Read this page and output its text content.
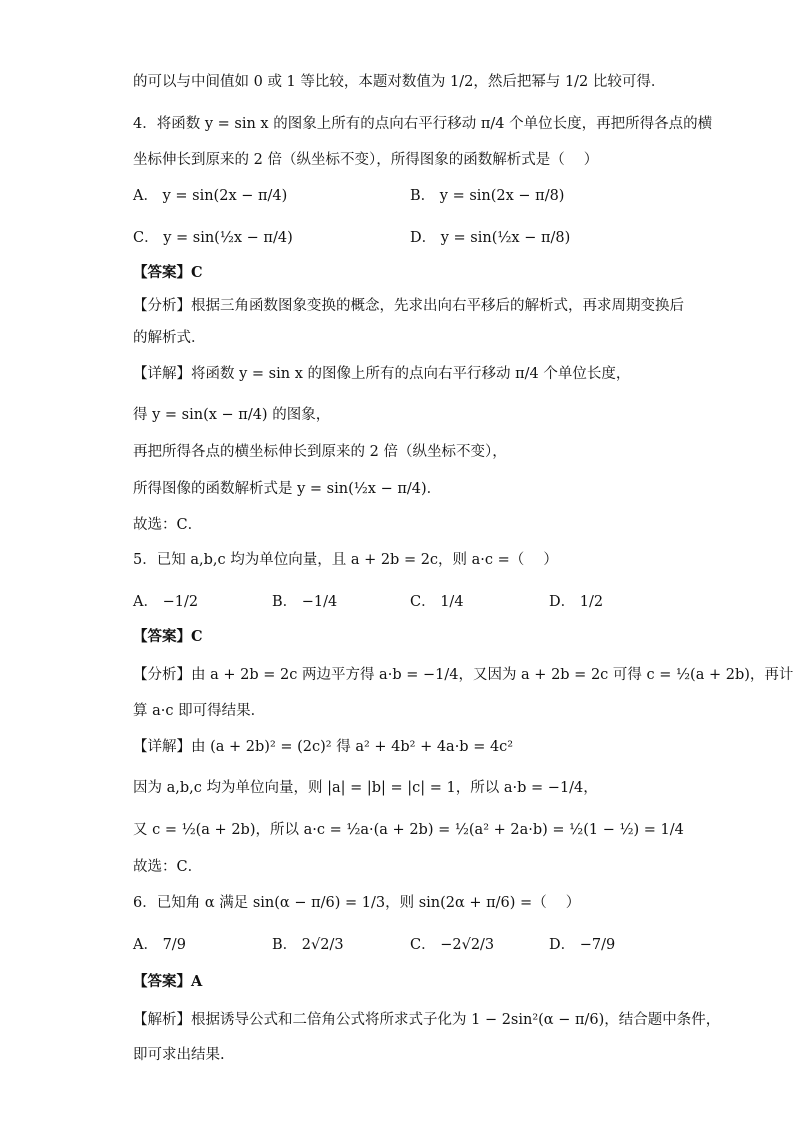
的可以与中间值如 0 或 1 等比较，本题对数值为 1/2，然后把幂与 1/2 比较可得．
4．将函数 y = sin x 的图象上所有的点向右平行移动 π/4 个单位长度，再把所得各点的横
坐标伸长到原来的 2 倍（纵坐标不变），所得图象的函数解析式是（　 ）
A． y = sin(2x − π/4)	B． y = sin(2x − π/8)
C． y = sin(½x − π/4)	D． y = sin(½x − π/8)
【答案】C
【分析】根据三角函数图象变换的概念，先求出向右平移后的解析式，再求周期变换后
的解析式．
【详解】将函数 y = sin x 的图像上所有的点向右平行移动 π/4 个单位长度，
得 y = sin(x − π/4) 的图象，
再把所得各点的横坐标伸长到原来的 2 倍（纵坐标不变），
所得图像的函数解析式是 y = sin(½x − π/4)．
故选：C．
5．已知 a,b,c 均为单位向量，且 a + 2b = 2c，则 a·c =（　 ）
A． −1/2	B． −1/4	C． 1/4	D． 1/2
【答案】C
【分析】由 a + 2b = 2c 两边平方得 a·b = −1/4，又因为 a + 2b = 2c 可得 c = ½(a + 2b)，再计
算 a·c 即可得结果．
【详解】由 (a + 2b)² = (2c)² 得 a² + 4b² + 4a·b = 4c²
因为 a,b,c 均为单位向量，则 |a| = |b| = |c| = 1，所以 a·b = −1/4，
又 c = ½(a + 2b)，所以 a·c = ½a·(a + 2b) = ½(a² + 2a·b) = ½(1 − ½) = 1/4
故选：C．
6．已知角 α 满足 sin(α − π/6) = 1/3，则 sin(2α + π/6) =（　 ）
A． 7/9	B． 2√2/3	C． −2√2/3	D． −7/9
【答案】A
【解析】根据诱导公式和二倍角公式将所求式子化为 1 − 2sin²(α − π/6)，结合题中条件，
即可求出结果.
